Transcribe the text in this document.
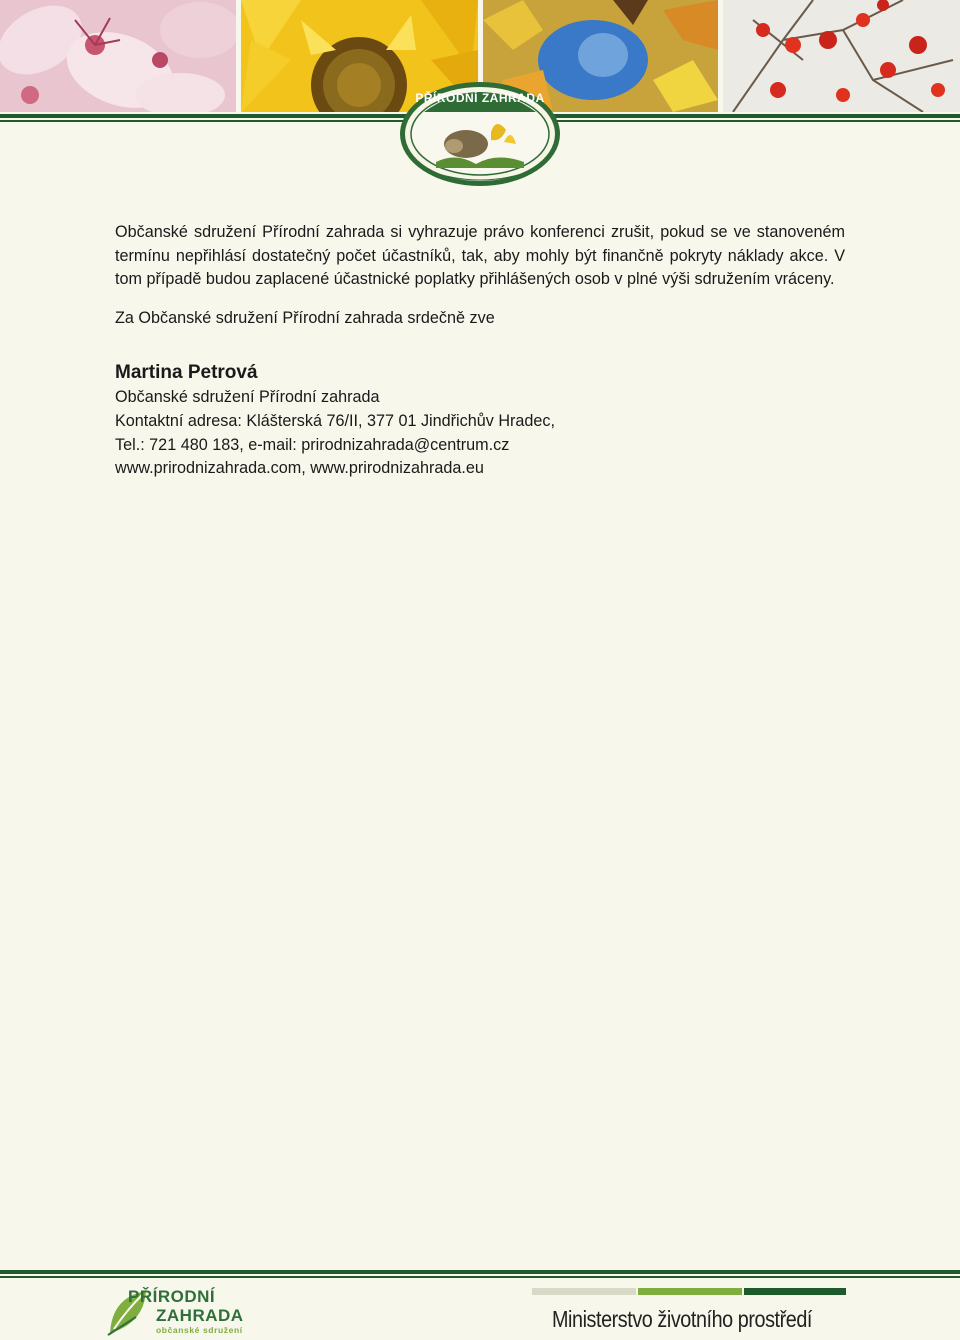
PŘÍRODNÍ ZAHRADA

Občanské sdružení Přírodní zahrada si vyhrazuje právo konferenci zrušit, pokud se ve stanoveném termínu nepřihlásí dostatečný počet účastníků, tak, aby mohly být finančně pokryty náklady akce. V tom případě budou zaplacené účastnické poplatky přihlášených osob v plné výši sdružením vráceny.

Za Občanské sdružení Přírodní zahrada srdečně zve

Martina Petrová

Občanské sdružení Přírodní zahrada

Kontaktní adresa: Klášterská 76/II, 377 01 Jindřichův Hradec,

Tel.: 721 480 183, e-mail: prirodnizahrada@centrum.cz

www.prirodnizahrada.com, www.prirodnizahrada.eu

PŘÍRODNÍ
ZAHRADA
občanské sdružení	Ministerstvo životního prostředí
